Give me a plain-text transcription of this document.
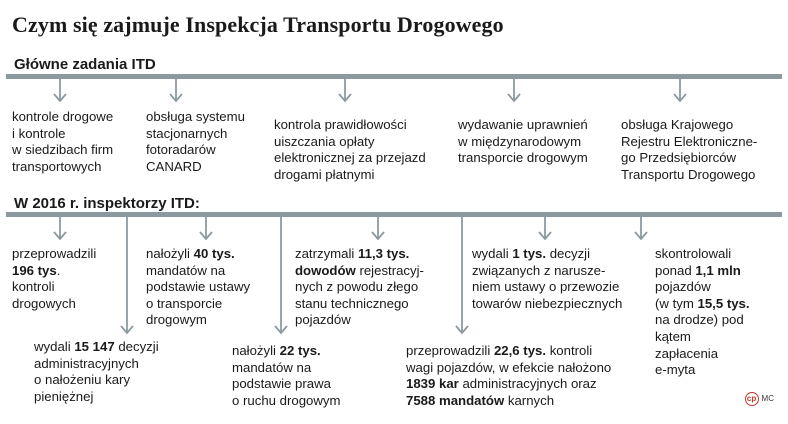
Czym się zajmuje Inspekcja Transportu Drogowego
Główne zadania ITD
kontrole drogowe
i kontrole
w siedzibach firm
transportowych
obsługa systemu
stacjonarnych
fotoradarów
CANARD
kontrola prawidłowości
uiszczania opłaty
elektronicznej za przejazd
drogami płatnymi
wydawanie uprawnień
w międzynarodowym
transporcie drogowym
obsługa Krajowego
Rejestru Elektroniczne-
go Przedsiębiorców
Transportu Drogowego
W 2016 r. inspektorzy ITD:
przeprowadzili
196 tys.
kontroli
drogowych
nałożyli 40 tys.
mandatów na
podstawie ustawy
o transporcie
drogowym
zatrzymali 11,3 tys.
dowodów rejestracyj-
nych z powodu złego
stanu technicznego
pojazdów
wydali 1 tys. decyzji
związanych z narusze-
niem ustawy o przewozie
towarów niebezpiecznych
skontrolowali
ponad 1,1 mln
pojazdów
(w tym 15,5 tys.
na drodze) pod
kątem
zapłacenia
e-myta
wydali 15 147 decyzji
administracyjnych
o nałożeniu kary
pieniężnej
nałożyli 22 tys.
mandatów na
podstawie prawa
o ruchu drogowym
przeprowadzili 22,6 tys. kontroli
wagi pojazdów, w efekcie nałożono
1839 kar administracyjnych oraz
7588 mandatów karnych	cp MC
